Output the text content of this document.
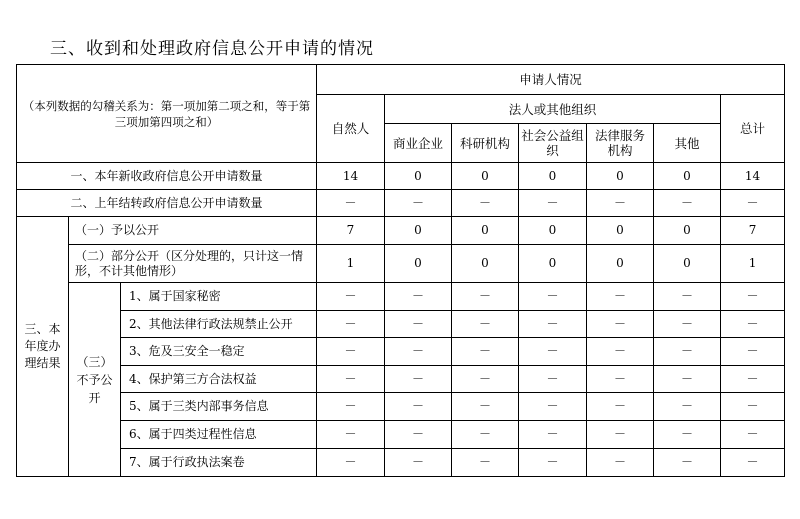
三、收到和处理政府信息公开申请的情况
（本列数据的勾稽关系为：第一项加第二项之和，等于第三项加第四项之和）			申请人情况						
			自然人	法人或其他组织					总计
				商业企业	科研机构	社会公益组织	法律服务机构	其他	
一、本年新收政府信息公开申请数量			14	0	0	0	0	0	14
二、上年结转政府信息公开申请数量			－	－	－	－	－	－	－
三、本年度办理结果	（一）予以公开		7	0	0	0	0	0	7
	（二）部分公开（区分处理的，只计这一情形，不计其他情形）		1	0	0	0	0	0	1
	（三）不予公开	1、属于国家秘密	－	－	－	－	－	－	－
		2、其他法律行政法规禁止公开	－	－	－	－	－	－	－
		3、危及三安全一稳定	－	－	－	－	－	－	－
		4、保护第三方合法权益	－	－	－	－	－	－	－
		5、属于三类内部事务信息	－	－	－	－	－	－	－
		6、属于四类过程性信息	－	－	－	－	－	－	－
		7、属于行政执法案卷	－	－	－	－	－	－	－
